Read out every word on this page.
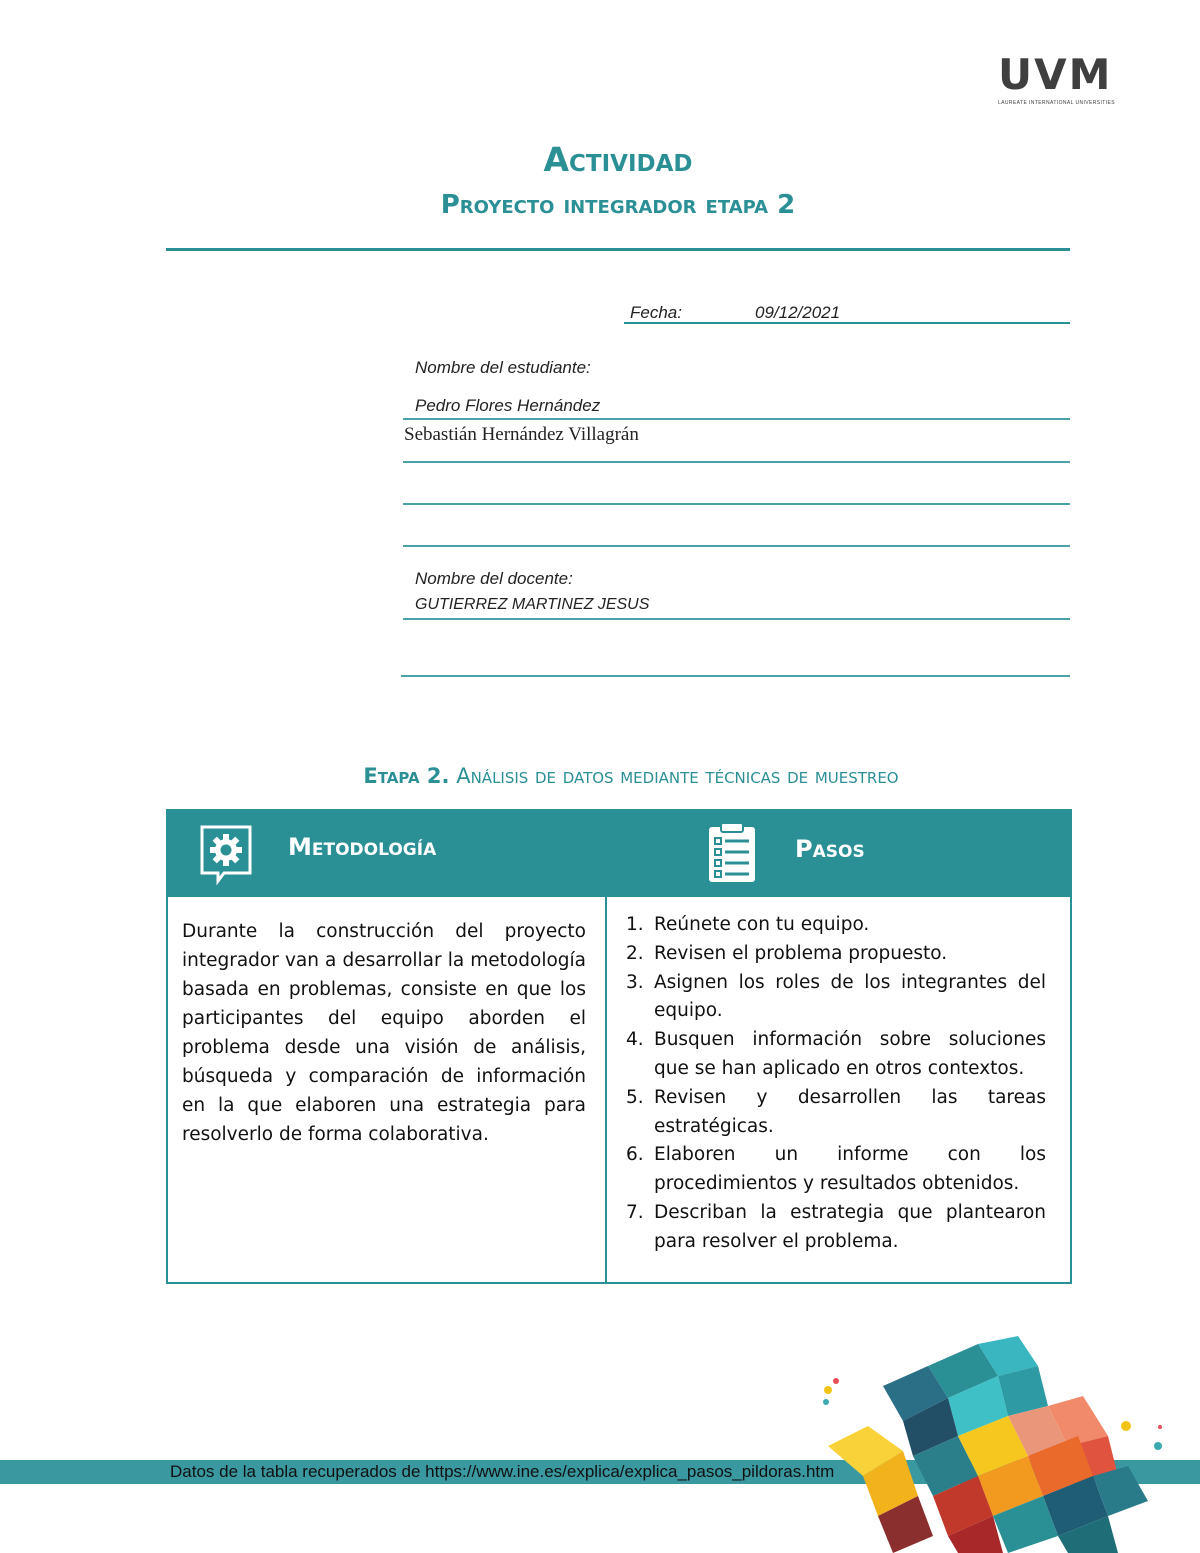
UVM
LAUREATE INTERNATIONAL UNIVERSITIES
Actividad
Proyecto integrador etapa 2
Fecha:	09/12/2021
Nombre del estudiante:
Pedro Flores Hernández
Sebastián Hernández Villagrán
Nombre del docente:
GUTIERREZ MARTINEZ JESUS
Etapa 2. Análisis de datos mediante técnicas de muestreo
Metodología	Pasos
Durante la construcción del proyecto integrador van a desarrollar la metodología basada en problemas, consiste en que los participantes del equipo aborden el problema desde una visión de análisis, búsqueda y comparación de información en la que elaboren una estrategia para resolverlo de forma colaborativa.
1. Reúnete con tu equipo.
2. Revisen el problema propuesto.
3. Asignen los roles de los integrantes del equipo.
4. Busquen información sobre soluciones que se han aplicado en otros contextos.
5. Revisen y desarrollen las tareas estratégicas.
6. Elaboren un informe con los procedimientos y resultados obtenidos.
7. Describan la estrategia que plantearon para resolver el problema.
Datos de la tabla recuperados de https://www.ine.es/explica/explica_pasos_pildoras.htm
